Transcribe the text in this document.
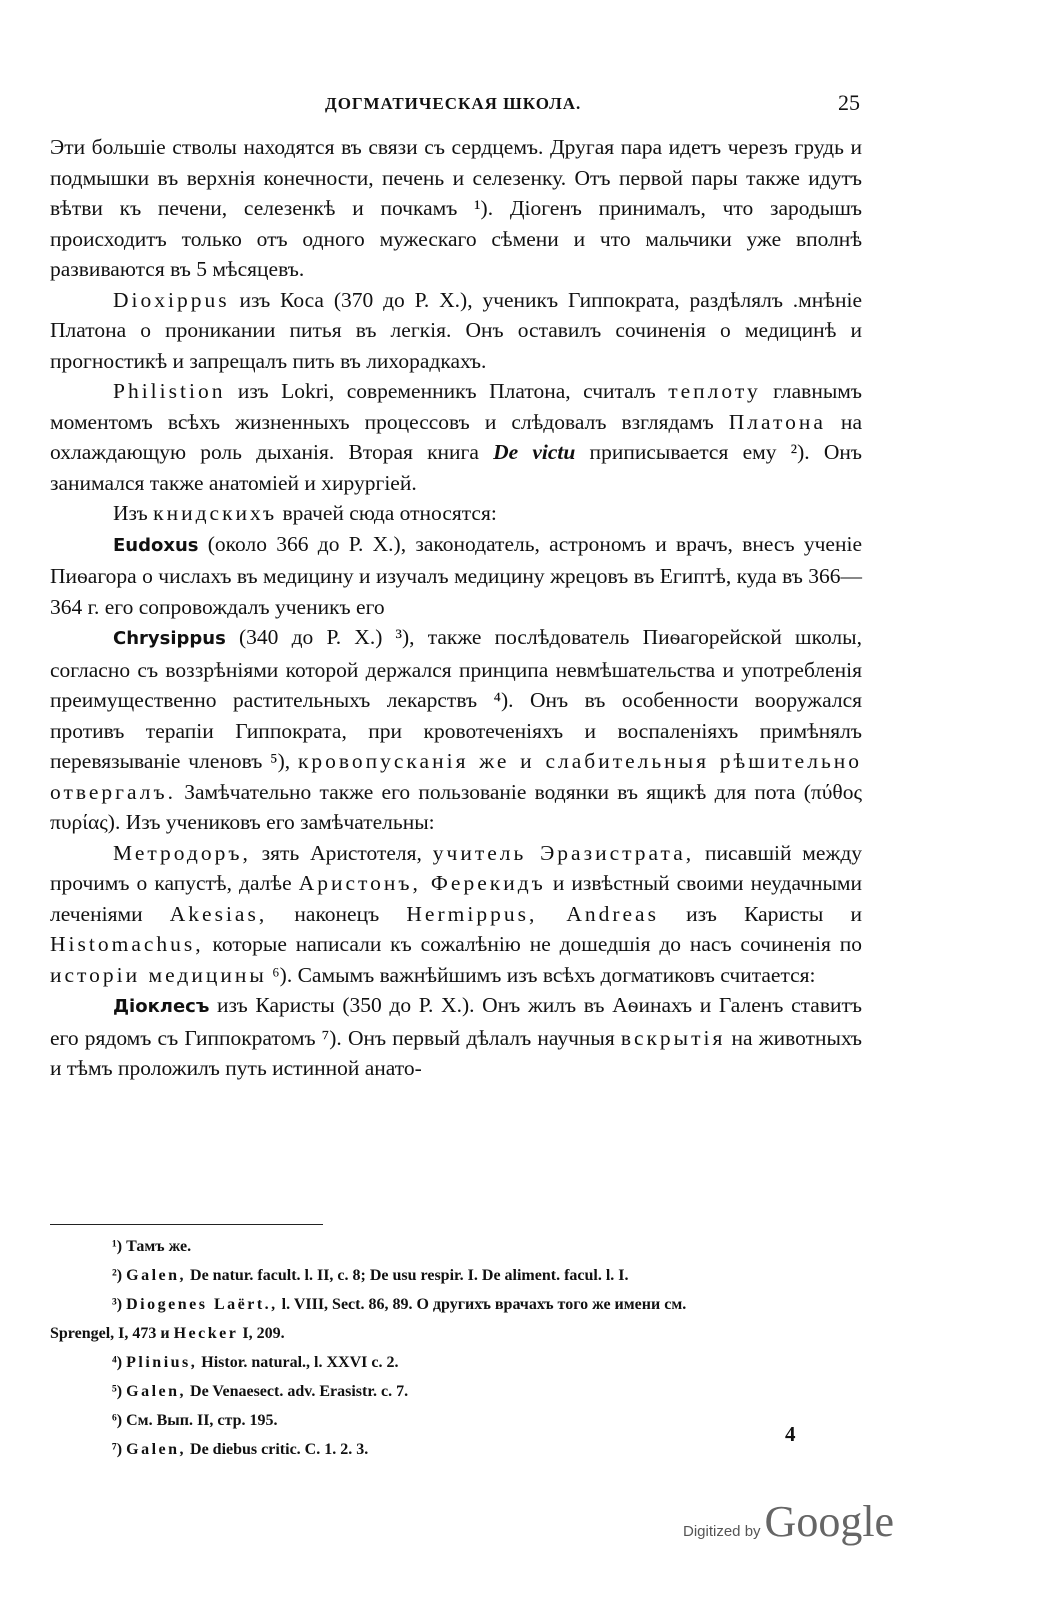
ДОГМАТИЧЕСКАЯ ШКОЛА.	25

Эти большіе стволы находятся въ связи съ сердцемъ. Другая пара идетъ черезъ грудь и подмышки въ верхнія конечности, печень и селезенку. Отъ первой пары также идутъ вѣтви къ печени, селезенкѣ и почкамъ ¹). Діогенъ принималъ, что зародышъ происходитъ только отъ одного мужескаго сѣмени и что мальчики уже вполнѣ развиваются въ 5 мѣсяцевъ.

Dioxippus изъ Коса (370 до Р. Х.), ученикъ Гиппократа, раздѣлялъ .мнѣніе Платона о проникании питья въ легкія. Онъ оставилъ сочиненія о медицинѣ и прогностикѣ и запрещалъ пить въ лихорадкахъ.

Philistion изъ Lokri, современникъ Платона, считалъ теплоту главнымъ моментомъ всѣхъ жизненныхъ процессовъ и слѣдовалъ взглядамъ Платона на охлаждающую роль дыханія. Вторая книга De victu приписывается ему ²). Онъ занимался также анатоміей и хирургіей.

Изъ книдскихъ врачей сюда относятся:

Eudoxus (около 366 до Р. Х.), законодатель, астрономъ и врачъ, внесъ ученіе Пиѳагора о числахъ въ медицину и изучалъ медицину жрецовъ въ Египтѣ, куда въ 366—364 г. его сопровождалъ ученикъ его

Chrysippus (340 до Р. Х.) ³), также послѣдователь Пиѳагорейской школы, согласно съ воззрѣніями которой держался принципа невмѣшательства и употребленія преимущественно растительныхъ лекарствъ ⁴). Онъ въ особенности вооружался противъ терапіи Гиппократа, при кровотеченіяхъ и воспаленіяхъ примѣнялъ перевязываніе членовъ ⁵), кровопусканія же и слабительныя рѣшительно отвергалъ. Замѣчательно также его пользованіе водянки въ ящикѣ для пота (πύθος πυρίας). Изъ учениковъ его замѣчательны:

Метродоръ, зять Аристотеля, учитель Эразистрата, писавшій между прочимъ о капустѣ, далѣе Аристонъ, Ферекидъ и извѣстный своими неудачными леченіями Akesias, наконецъ Hermippus, Andreas изъ Каристы и Histomachus, которые написали къ сожалѣнію не дошедшія до насъ сочиненія по исторіи медицины ⁶). Самымъ важнѣйшимъ изъ всѣхъ догматиковъ считается:

Діоклесъ изъ Каристы (350 до Р. Х.). Онъ жилъ въ Аѳинахъ и Галенъ ставитъ его рядомъ съ Гиппократомъ ⁷). Онъ первый дѣлалъ научныя вскрытія на животныхъ и тѣмъ проложилъ путь истинной анато-

¹) Тамъ же.

²) Galen, De natur. facult. l. II, c. 8; De usu respir. I. De aliment. facul. l. I.

³) Diogenes Laërt., l. VIII, Sect. 86, 89. О другихъ врачахъ того же имени см.

Sprengel, I, 473 и Hecker I, 209.

⁴) Plinius, Histor. natural., l. XXVI c. 2.

⁵) Galen, De Venaesect. adv. Erasistr. c. 7.

⁶) См. Вып. II, стр. 195.

⁷) Galen, De diebus critic. C. 1. 2. 3.

4
Digitized by Google
